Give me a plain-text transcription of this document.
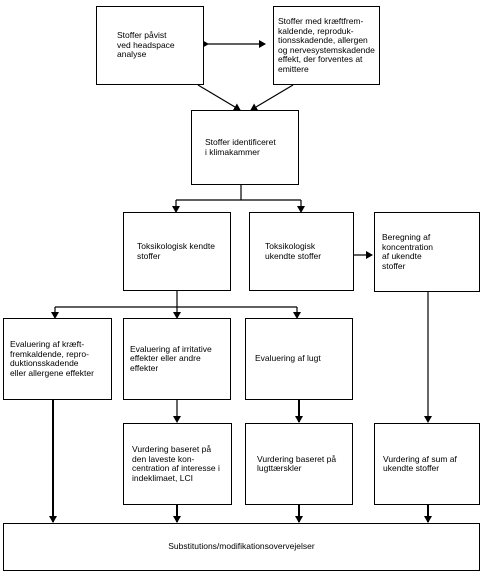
Stoffer påvist
ved headspace
analyse
Stoffer med kræftfrem-
kaldende, reproduk-
tionsskadende, allergen
og nervesystemskadende
effekt, der forventes at
emittere
Stoffer identificeret
i klimakammer
Toksikologisk kendte
stoffer
Toksikologisk
ukendte stoffer
Beregning af
koncentration
af ukendte
stoffer
Evaluering af kræft-
fremkaldende, repro-
duktionsskadende
eller allergene effekter
Evaluering af irritative
effekter eller andre
effekter
Evaluering af lugt
Vurdering baseret på
den laveste kon-
centration af interesse i
indeklimaet, LCI
Vurdering baseret på
lugttærskler
Vurdering af sum af
ukendte stoffer
Substitutions/modifikationsovervejelser
